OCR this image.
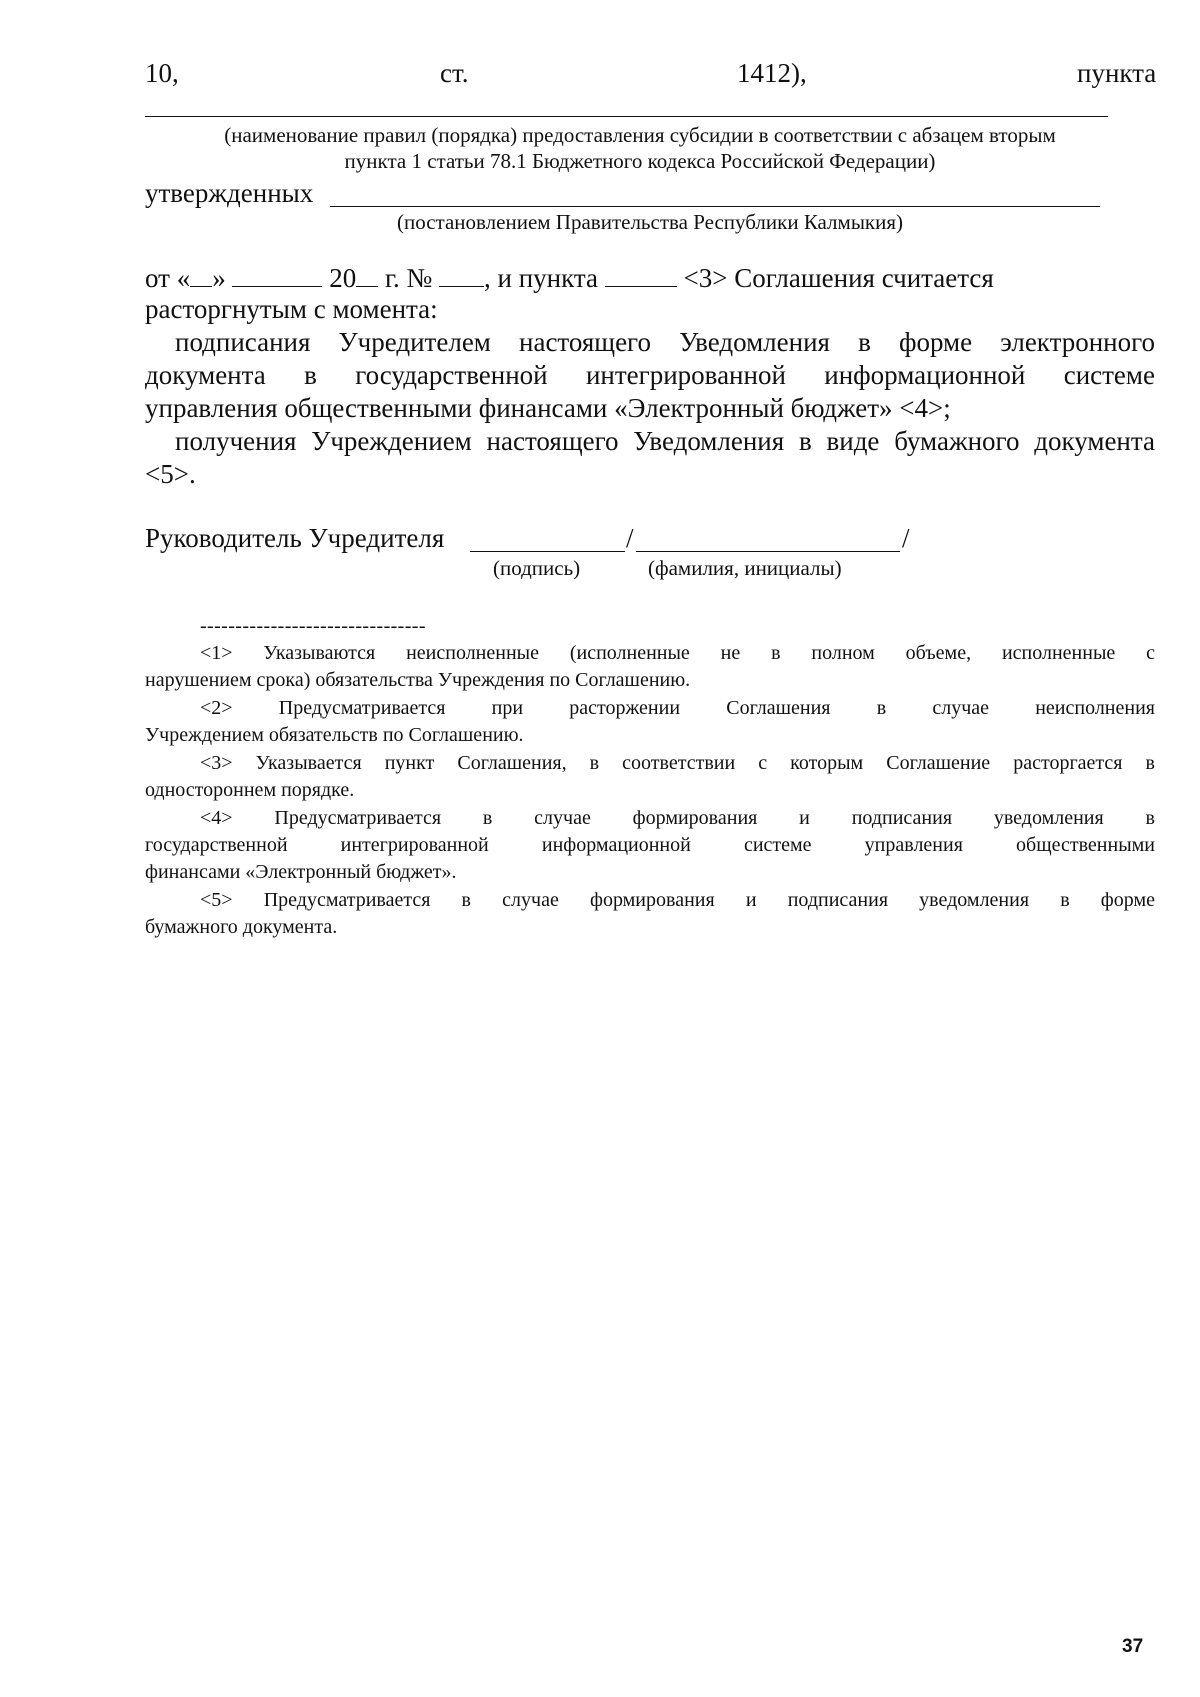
10,	ст.	1412),	пункта
(наименование правил (порядка) предоставления субсидии в соответствии с абзацем вторым
пункта 1 статьи 78.1 Бюджетного кодекса Российской Федерации)
утвержденных
(постановлением Правительства Республики Калмыкия)
от « »	20 г. № , и пункта	<3> Соглашения считается
расторгнутым с момента:
подписания Учредителем настоящего Уведомления в форме электронного
документа в государственной интегрированной информационной системе
управления общественными финансами «Электронный бюджет» <4>;
получения Учреждением настоящего Уведомления в виде бумажного документа
<5>.
Руководитель Учредителя	/	/
(подпись)	(фамилия, инициалы)
--------------------------------
<1> Указываются неисполненные (исполненные не в полном объеме, исполненные с
нарушением срока) обязательства Учреждения по Соглашению.
<2> Предусматривается при расторжении Соглашения в случае неисполнения
Учреждением обязательств по Соглашению.
<3> Указывается пункт Соглашения, в соответствии с которым Соглашение расторгается в
одностороннем порядке.
<4> Предусматривается в случае формирования и подписания уведомления в
государственной интегрированной информационной системе управления общественными
финансами «Электронный бюджет».
<5> Предусматривается в случае формирования и подписания уведомления в форме
бумажного документа.
37
